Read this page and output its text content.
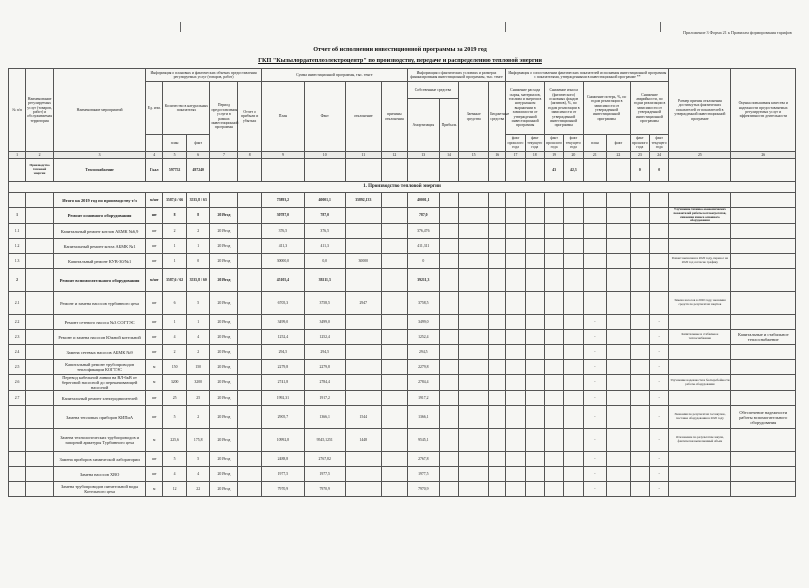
Приложение 3 Форма 21 к Правилам формирования тарифов
Отчет об исполнении инвестиционной программы за 2019 год
ГКП "Кызылордатеплоэлектроцентр" по производству, передаче и распределению тепловой энергии
№ п/п	Наименование регулируемых услуг (товаров, работ) и обслуживаемая территория	Наименование мероприятий	Информация о плановых и фактических объемах предоставления регулируемых услуг (товаров, работ)					Сумма инвестиционной программы, тыс. тенге				Информация о фактических условиях и размерах финансирования инвестиционной программы, тыс. тенге				Информация о сопоставлении фактических показателей исполнения инвестиционной программы с показателями, утвержденными в инвестиционной программе **								Размер причин отклонения достигнутых фактических показателей от показателей в утвержденной инвестиционной программе	Оценка повышения качества и надежности предоставляемых регулируемых услуг и эффективности деятельности
			Ед. изм.	Количество в натуральных показателях		Период предоставления услуги в рамках инвестиционной программы	Отчет о прибыли и убытках	План	Факт	отклонение	причины отклонения	Собственные средства		Заемные средства	Бюджетные средства	Снижение расхода сырья, материалов, топлива и энергии в натуральном выражении в зависимости от утвержденной инвестиционной программы		Снижение износа (физического) основных фондов (активов), %, по годам реализации в зависимости от утвержденной инвестиционной программы		Снижение потерь, %, по годам реализации в зависимости от утвержденной инвестиционной программы		Снижение аварийности, по годам реализации в зависимости от утвержденной инвестиционной программы			
												Амортизация	Прибыль												
				план	факт											факт прошлого года	факт текущего года	факт прошлого года	факт текущего года	план	факт	факт прошлого года	факт текущего года		
1	2	3	4	5	6	7	8	9	10	11	12	13	14	15	16	17	18	19	20	21	22	23	24	25	26
	Производство тепловой энергии	Теплоснабжение	Гкал	597752	497240													43	42,3			0	0		
1. Производство тепловой энергии																									
		Итого на 2019 год по производству т/э	м/шт	3587,6 / 66	3535,8 / 63			75893,2	40001,1	35892,133		40001,1													
1		Ремонт основного оборудования	шт	8	8	2019год		30787,0	787,0			787,0												Улучшение технико-экономических показателей работы котлоагрегатов, снижение износа основного оборудования	
1.1		Капитальный ремонт котлов АБМК №6,9	шт	2	2	2019год		376,5	376,5			376,476													
1.2		Капитальный ремонт котла АБМК №1	шт	1	1	2019год		411,3	411,3			411,311													
1.3		Капитальный ремонт КУВ-30/№1	шт	1	0	2019год		30000,0	0,0	30000		0												Ремонт выполнен в 2020 году, перенос на 2020 год согласно графику	
2		Ремонт вспомогательного оборудования	м/шт	3587,6 / 62	3535,8 / 60	2019год		45105,4	39211,3			39211,3													
2.1		Ремонт и замена насосов турбинного цеха	шт	6	5	2019год		6705,3	3758,5	2947		3758,5												Замена насосов в 2020 году, экономия средств по результатам закупок	
2.2		Ремонт сетевого насоса №3 СОГТЭС	шт	1	1	2019год		3499,0	3499,0			3499,0								-			-		
2.3		Ремонт и замена насосов Южной котельной	шт	4	4	2019год		1252,4	1252,4			1252,4								-			-	Капитальные и стабильное теплоснабжение	Капитальные и стабильное теплоснабжение
2.4		Замена сетевых насосов АБМК №9	шт	2	2	2019год		294,5	294,5			294,5								-			-		
2.5		Капитальный ремонт трубопроводов теплофикации КОГТЭС	м	150	150	2019год		2279,8	2279,8			2279,8								-			-		
2.6		Перевод кабельной линии на ВЛ-6кВ от береговой насосной до перекачивающей насосной	м	3200	3200	2019год		2741,8	2784,4			2784,4								-			-	Улучшение надежности и бесперебойности работы оборудования	
2.7		Капитальный ремонт электродвигателей	шт	25	25	2019год		1992,31	1917,2			1917,2								-			-		
		Замена тепловых приборов КИПиА	шт	5	2	2019год		2905,7	1366,1	1544		1366,1								-			-	Экономия по результатам госзакупок, поставка оборудования в 2020 году	Обеспечение надежности работы вспомогательного оборудования
		Замена технологических трубопроводов и запорной арматуры Турбинного цеха	м	225,6	175,8	2019год		10992,8	9545,1251	1448		9545,1								-			-	Отклонение по результатам закупа, фактически выполненный объем	
		Замена приборов химической лаборатории	шт	5	5	2019год		2488,8	2767,82			2767,8								-			-		
		Замена насосов ХВО	шт	4	4	2019год		1977,5	1977,5			1977,5								-			-		
		Замена трубопроводов питательной воды Котельного цеха	м	12	22	2019год		7970,9	7970,9			7970,9								-			-		
